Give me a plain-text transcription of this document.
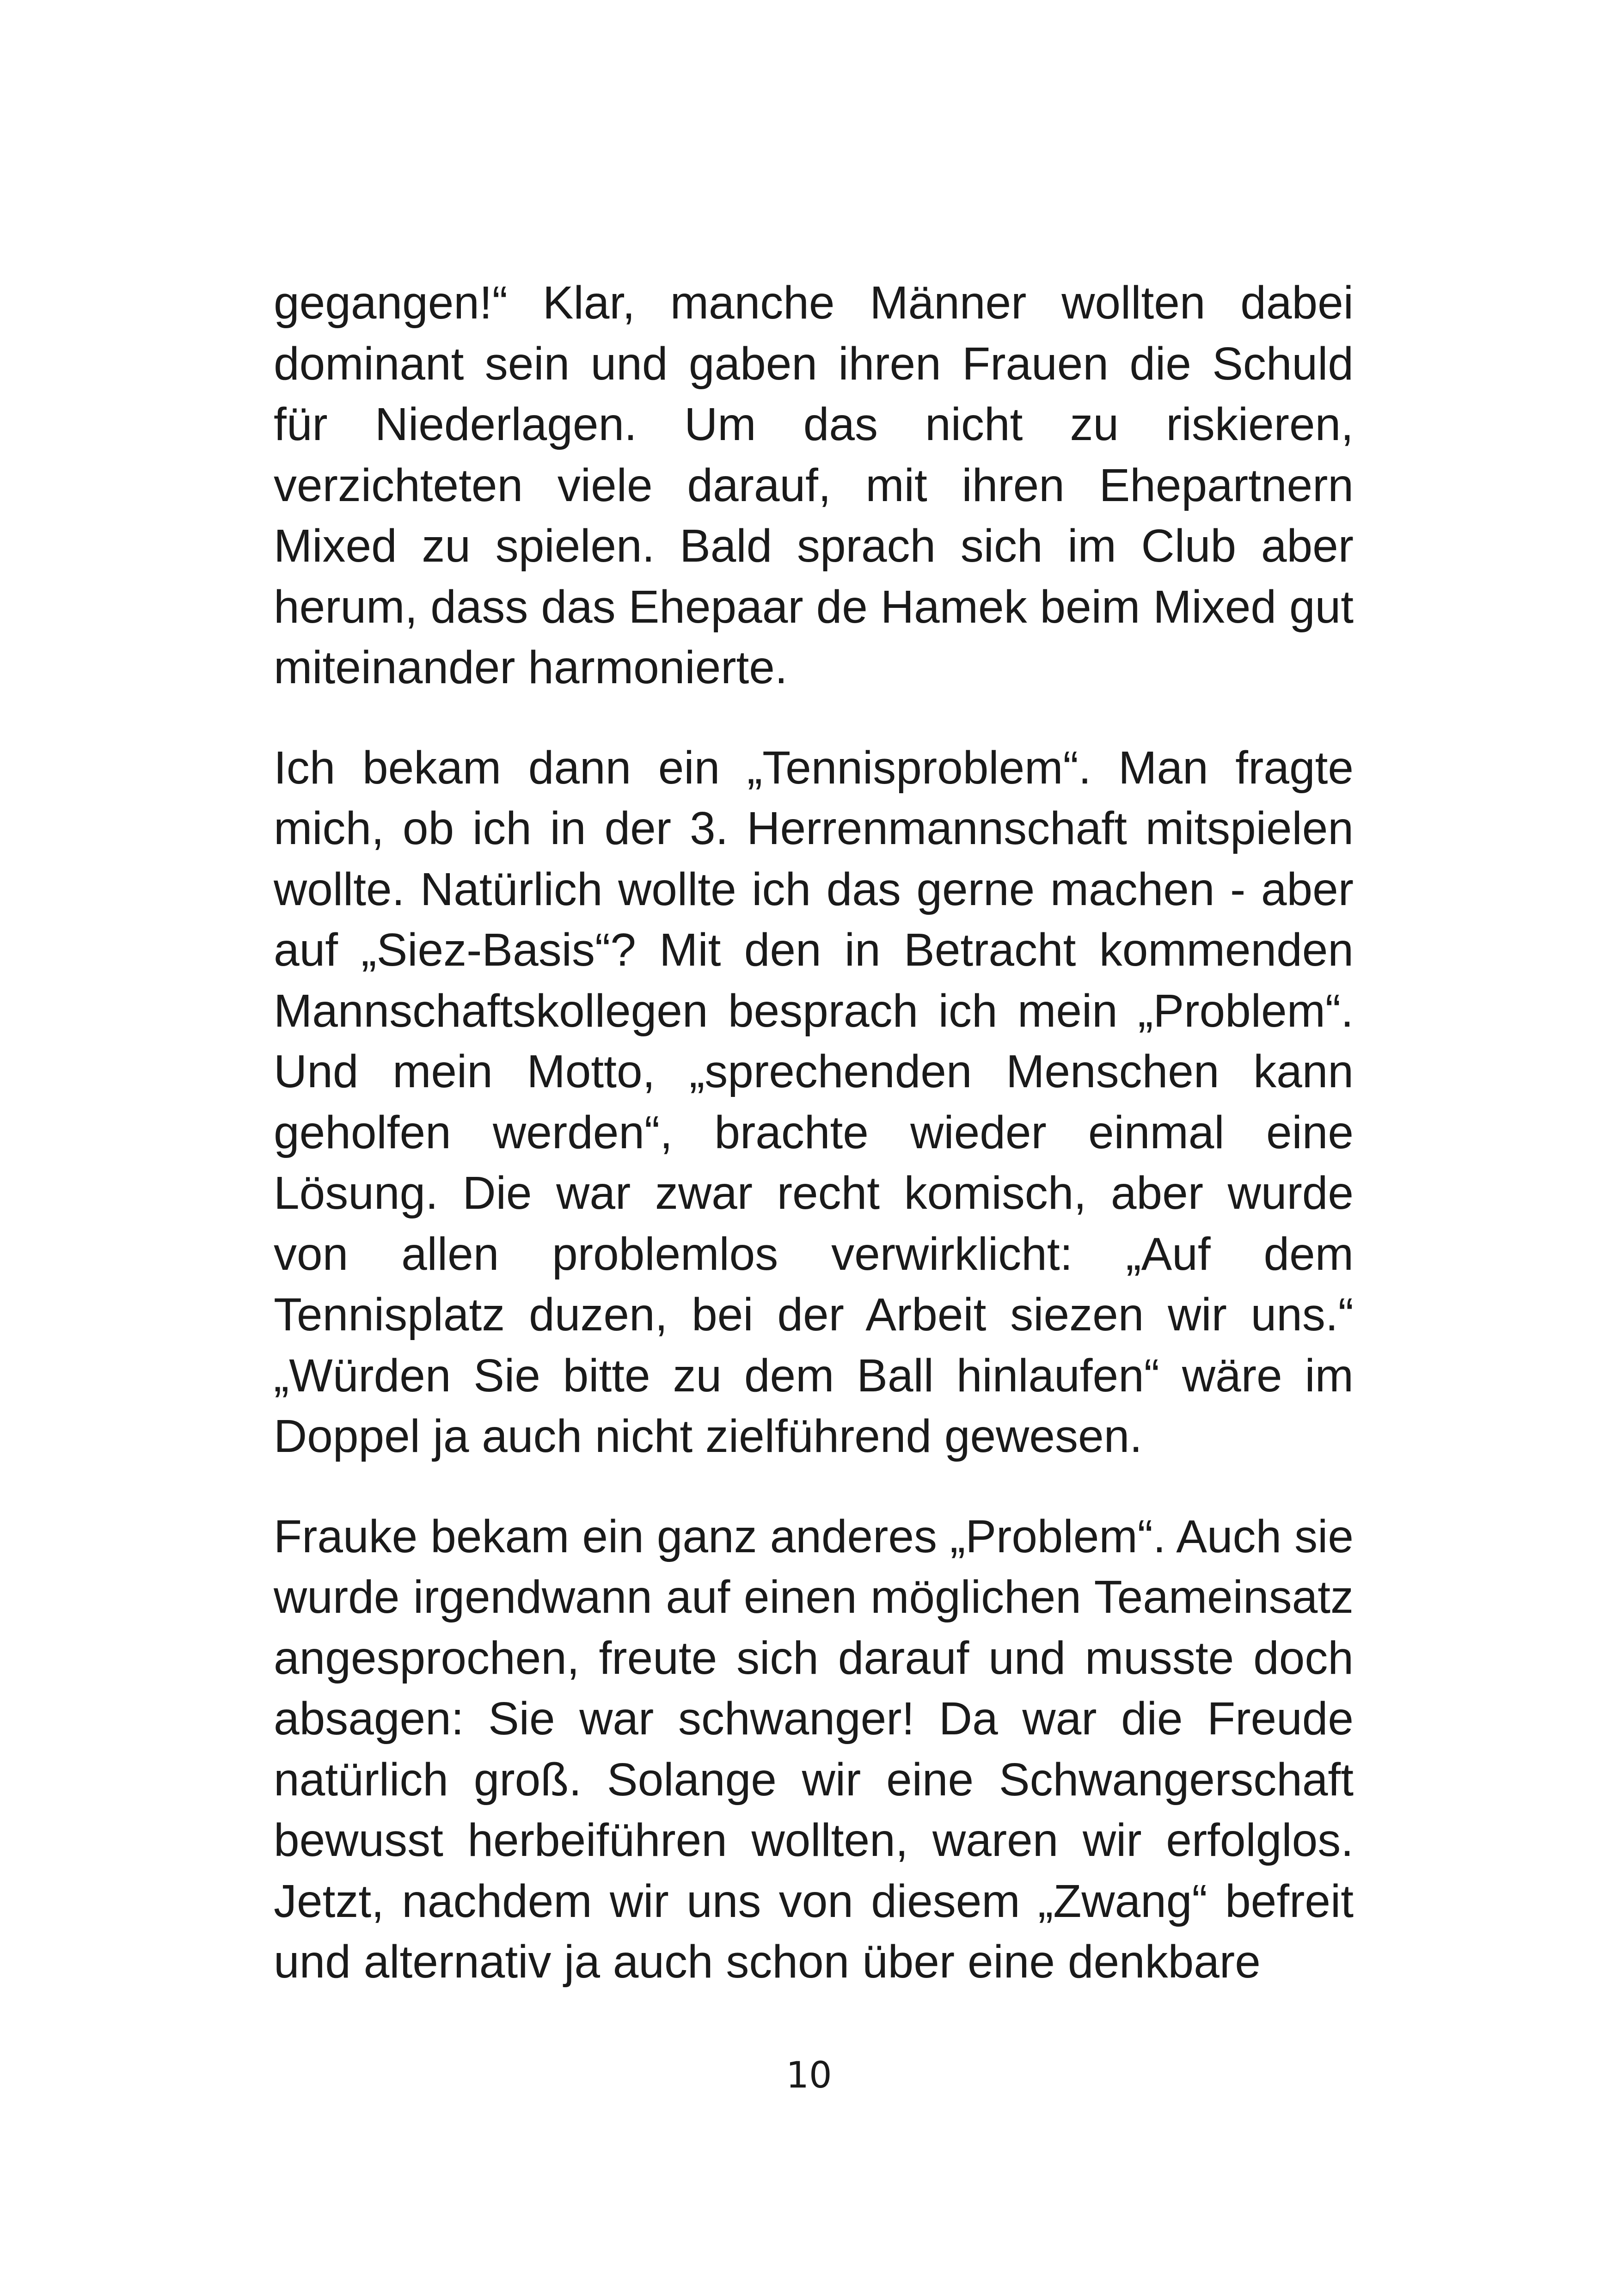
gegangen!“ Klar, manche Männer wollten dabei dominant sein und gaben ihren Frauen die Schuld für Niederlagen. Um das nicht zu riskieren, verzichteten viele darauf, mit ihren Ehepartnern Mixed zu spielen. Bald sprach sich im Club aber herum, dass das Ehepaar de Hamek beim Mixed gut miteinander harmonierte.

Ich bekam dann ein „Tennisproblem“. Man fragte mich, ob ich in der 3. Herrenmannschaft mitspielen wollte. Natürlich wollte ich das gerne machen - aber auf „Siez-Basis“? Mit den in Betracht kommenden Mannschaftskollegen besprach ich mein „Problem“. Und mein Motto, „sprechenden Menschen kann geholfen werden“, brachte wieder einmal eine Lösung. Die war zwar recht komisch, aber wurde von allen problemlos verwirklicht: „Auf dem Tennisplatz duzen, bei der Arbeit siezen wir uns.“ „Würden Sie bitte zu dem Ball hinlaufen“ wäre im Doppel ja auch nicht zielführend gewesen.

Frauke bekam ein ganz anderes „Problem“. Auch sie wurde irgendwann auf einen möglichen Teameinsatz angesprochen, freute sich darauf und musste doch absagen: Sie war schwanger! Da war die Freude natürlich groß. Solange wir eine Schwangerschaft bewusst herbeiführen wollten, waren wir erfolglos. Jetzt, nachdem wir uns von diesem „Zwang“ befreit und alternativ ja auch schon über eine denkbare

10
